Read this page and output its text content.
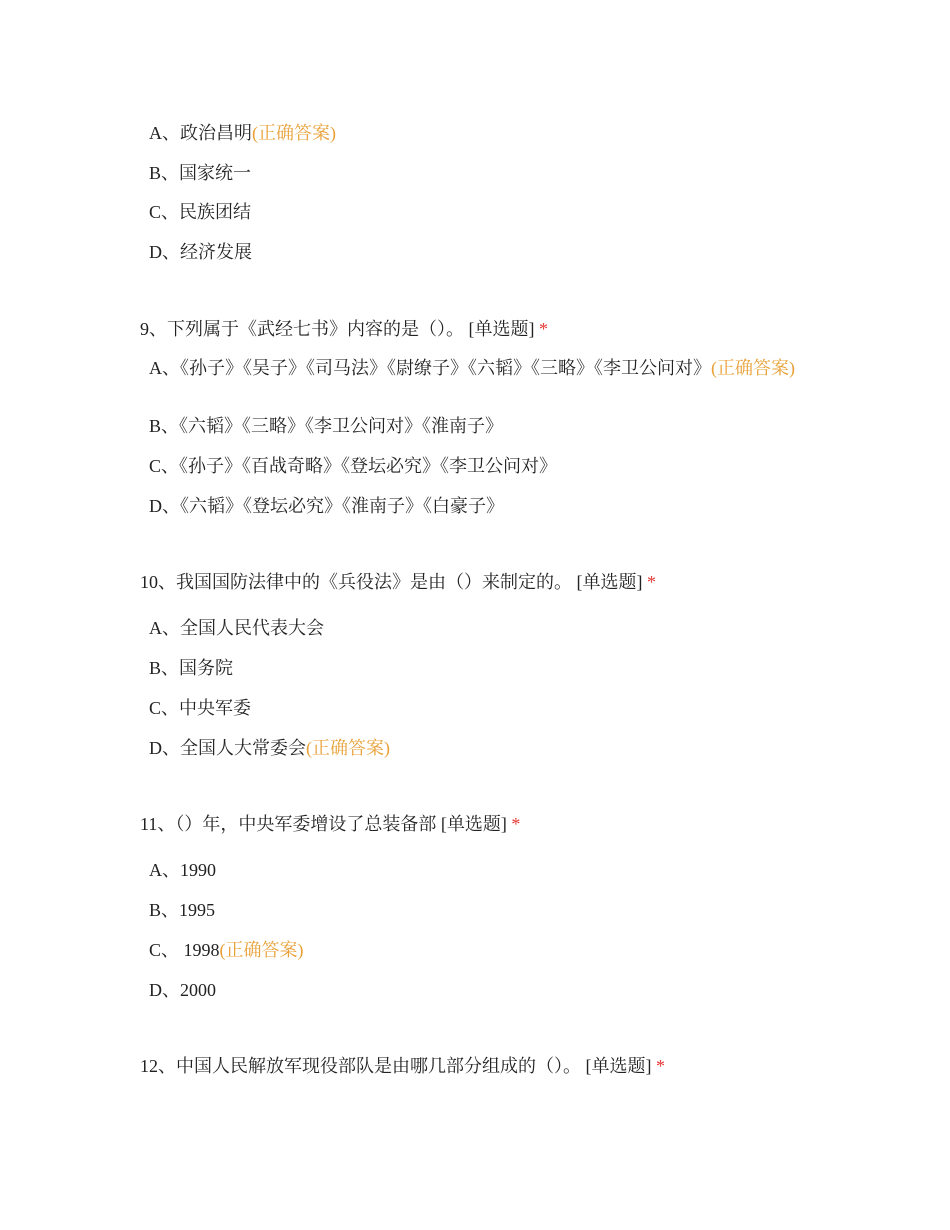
A、政治昌明(正确答案)
B、国家统一
C、民族团结
D、经济发展
9、下列属于《武经七书》内容的是（）。 [单选题] *
A、《孙子》《吴子》《司马法》《尉缭子》《六韬》《三略》《李卫公问对》(正确答案)
B、《六韬》《三略》《李卫公问对》《淮南子》
C、《孙子》《百战奇略》《登坛必究》《李卫公问对》
D、《六韬》《登坛必究》《淮南子》《白豪子》
10、我国国防法律中的《兵役法》是由（）来制定的。 [单选题] *
A、全国人民代表大会
B、国务院
C、中央军委
D、全国人大常委会(正确答案)
11、（）年，中央军委增设了总装备部 [单选题] *
A、1990
B、1995
C、 1998(正确答案)
D、2000
12、中国人民解放军现役部队是由哪几部分组成的（）。 [单选题] *
